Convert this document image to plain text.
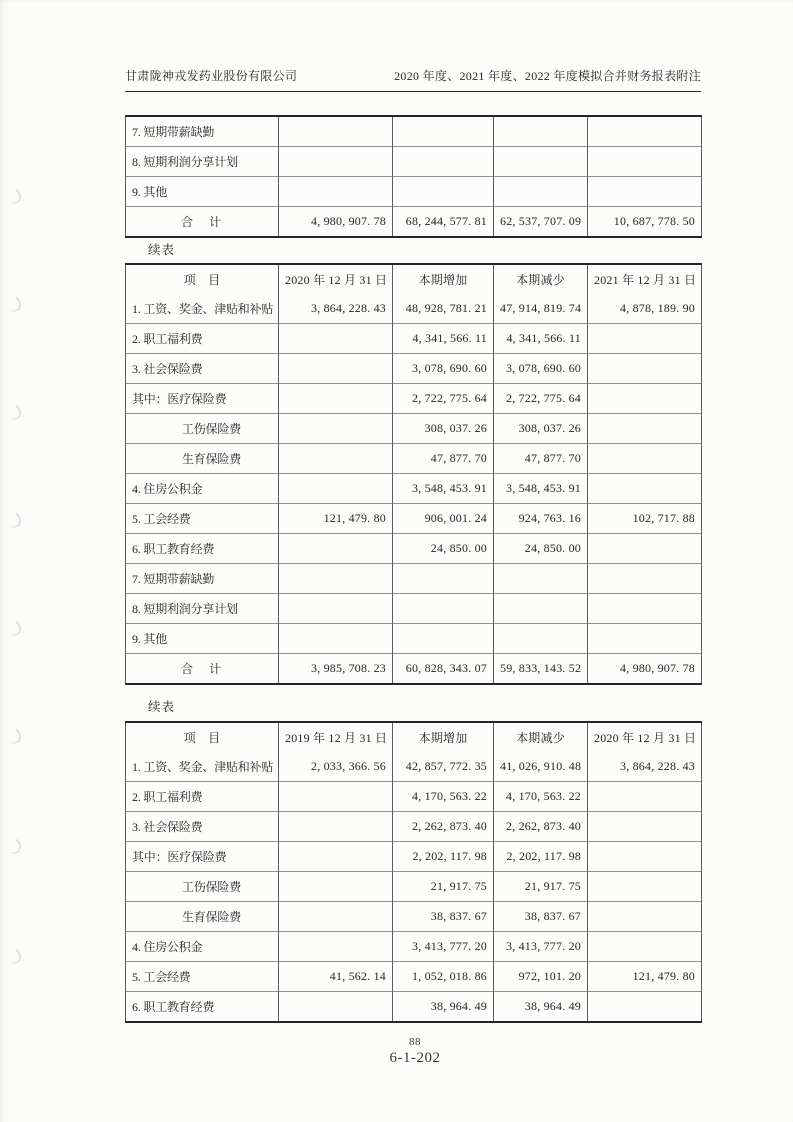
甘肃陇神戎发药业股份有限公司	2020 年度、2021 年度、2022 年度模拟合并财务报表附注
7. 短期带薪缺勤				
8. 短期利润分享计划				
9. 其他				
合　计	4, 980, 907. 78	68, 244, 577. 81	62, 537, 707. 09	10, 687, 778. 50
续表
项　目	2020 年 12 月 31 日	本期增加	本期减少	2021 年 12 月 31 日
1. 工资、奖金、津贴和补贴	3, 864, 228. 43	48, 928, 781. 21	47, 914, 819. 74	4, 878, 189. 90
2. 职工福利费		4, 341, 566. 11	4, 341, 566. 11	
3. 社会保险费		3, 078, 690. 60	3, 078, 690. 60	
其中：医疗保险费		2, 722, 775. 64	2, 722, 775. 64	
工伤保险费		308, 037. 26	308, 037. 26	
生育保险费		47, 877. 70	47, 877. 70	
4. 住房公积金		3, 548, 453. 91	3, 548, 453. 91	
5. 工会经费	121, 479. 80	906, 001. 24	924, 763. 16	102, 717. 88
6. 职工教育经费		24, 850. 00	24, 850. 00	
7. 短期带薪缺勤				
8. 短期利润分享计划				
9. 其他				
合　计	3, 985, 708. 23	60, 828, 343. 07	59, 833, 143. 52	4, 980, 907. 78
续表
项　目	2019 年 12 月 31 日	本期增加	本期减少	2020 年 12 月 31 日
1. 工资、奖金、津贴和补贴	2, 033, 366. 56	42, 857, 772. 35	41, 026, 910. 48	3, 864, 228. 43
2. 职工福利费		4, 170, 563. 22	4, 170, 563. 22	
3. 社会保险费		2, 262, 873. 40	2, 262, 873. 40	
其中：医疗保险费		2, 202, 117. 98	2, 202, 117. 98	
工伤保险费		21, 917. 75	21, 917. 75	
生育保险费		38, 837. 67	38, 837. 67	
4. 住房公积金		3, 413, 777. 20	3, 413, 777. 20	
5. 工会经费	41, 562. 14	1, 052, 018. 86	972, 101. 20	121, 479. 80
6. 职工教育经费		38, 964. 49	38, 964. 49	
88
6-1-202
